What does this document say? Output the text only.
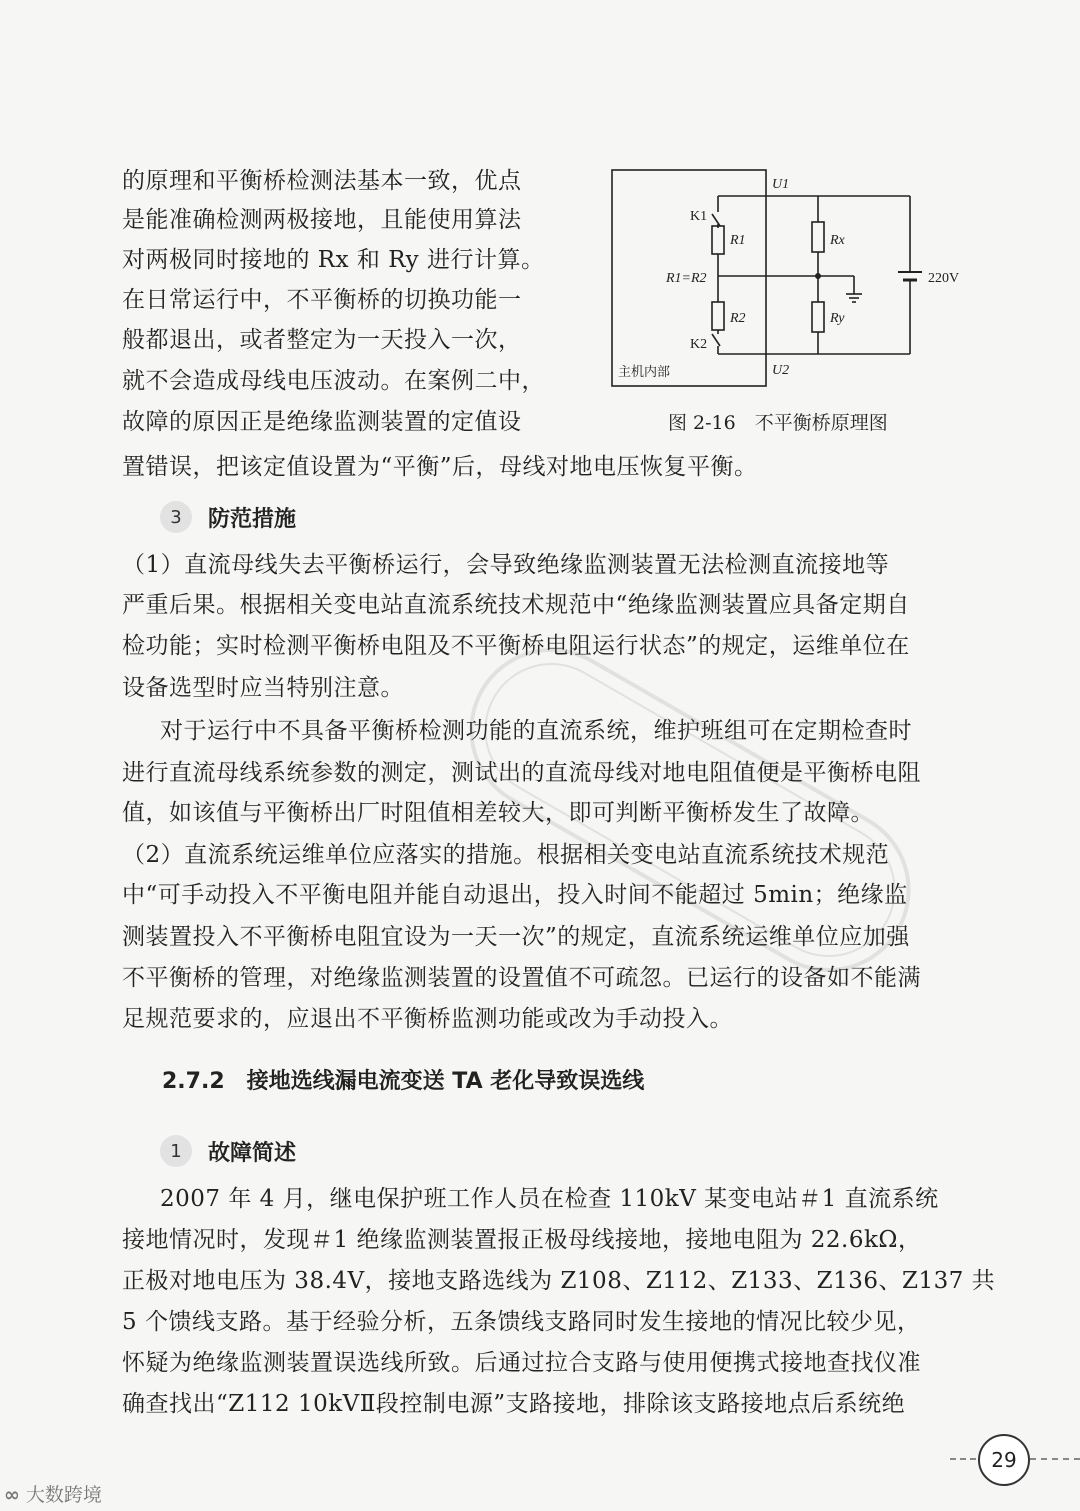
的原理和平衡桥检测法基本一致，优点
是能准确检测两极接地，且能使用算法
对两极同时接地的 Rx 和 Ry 进行计算。
在日常运行中，不平衡桥的切换功能一
般都退出，或者整定为一天投入一次，
就不会造成母线电压波动。在案例二中，
故障的原因正是绝缘监测装置的定值设
置错误，把该定值设置为“平衡”后，母线对地电压恢复平衡。
U1
U2
K1
K2
R1
R2
Rx
Ry
R1=R2	220V
主机内部
图 2-16　不平衡桥原理图
3	防范措施
（1）直流母线失去平衡桥运行，会导致绝缘监测装置无法检测直流接地等
严重后果。根据相关变电站直流系统技术规范中“绝缘监测装置应具备定期自
检功能；实时检测平衡桥电阻及不平衡桥电阻运行状态”的规定，运维单位在
设备选型时应当特别注意。
对于运行中不具备平衡桥检测功能的直流系统，维护班组可在定期检查时
进行直流母线系统参数的测定，测试出的直流母线对地电阻值便是平衡桥电阻
值，如该值与平衡桥出厂时阻值相差较大，即可判断平衡桥发生了故障。
（2）直流系统运维单位应落实的措施。根据相关变电站直流系统技术规范
中“可手动投入不平衡电阻并能自动退出，投入时间不能超过 5min；绝缘监
测装置投入不平衡桥电阻宜设为一天一次”的规定，直流系统运维单位应加强
不平衡桥的管理，对绝缘监测装置的设置值不可疏忽。已运行的设备如不能满
足规范要求的，应退出不平衡桥监测功能或改为手动投入。
2.7.2　接地选线漏电流变送 TA 老化导致误选线
1	故障简述
2007 年 4 月，继电保护班工作人员在检查 110kV 某变电站＃1 直流系统
接地情况时，发现＃1 绝缘监测装置报正极母线接地，接地电阻为 22.6kΩ，
正极对地电压为 38.4V，接地支路选线为 Z108、Z112、Z133、Z136、Z137 共
5 个馈线支路。基于经验分析，五条馈线支路同时发生接地的情况比较少见，
怀疑为绝缘监测装置误选线所致。后通过拉合支路与使用便携式接地查找仪准
确查找出“Z112 10kVⅡ段控制电源”支路接地，排除该支路接地点后系统绝
29
∞ 大数跨境
